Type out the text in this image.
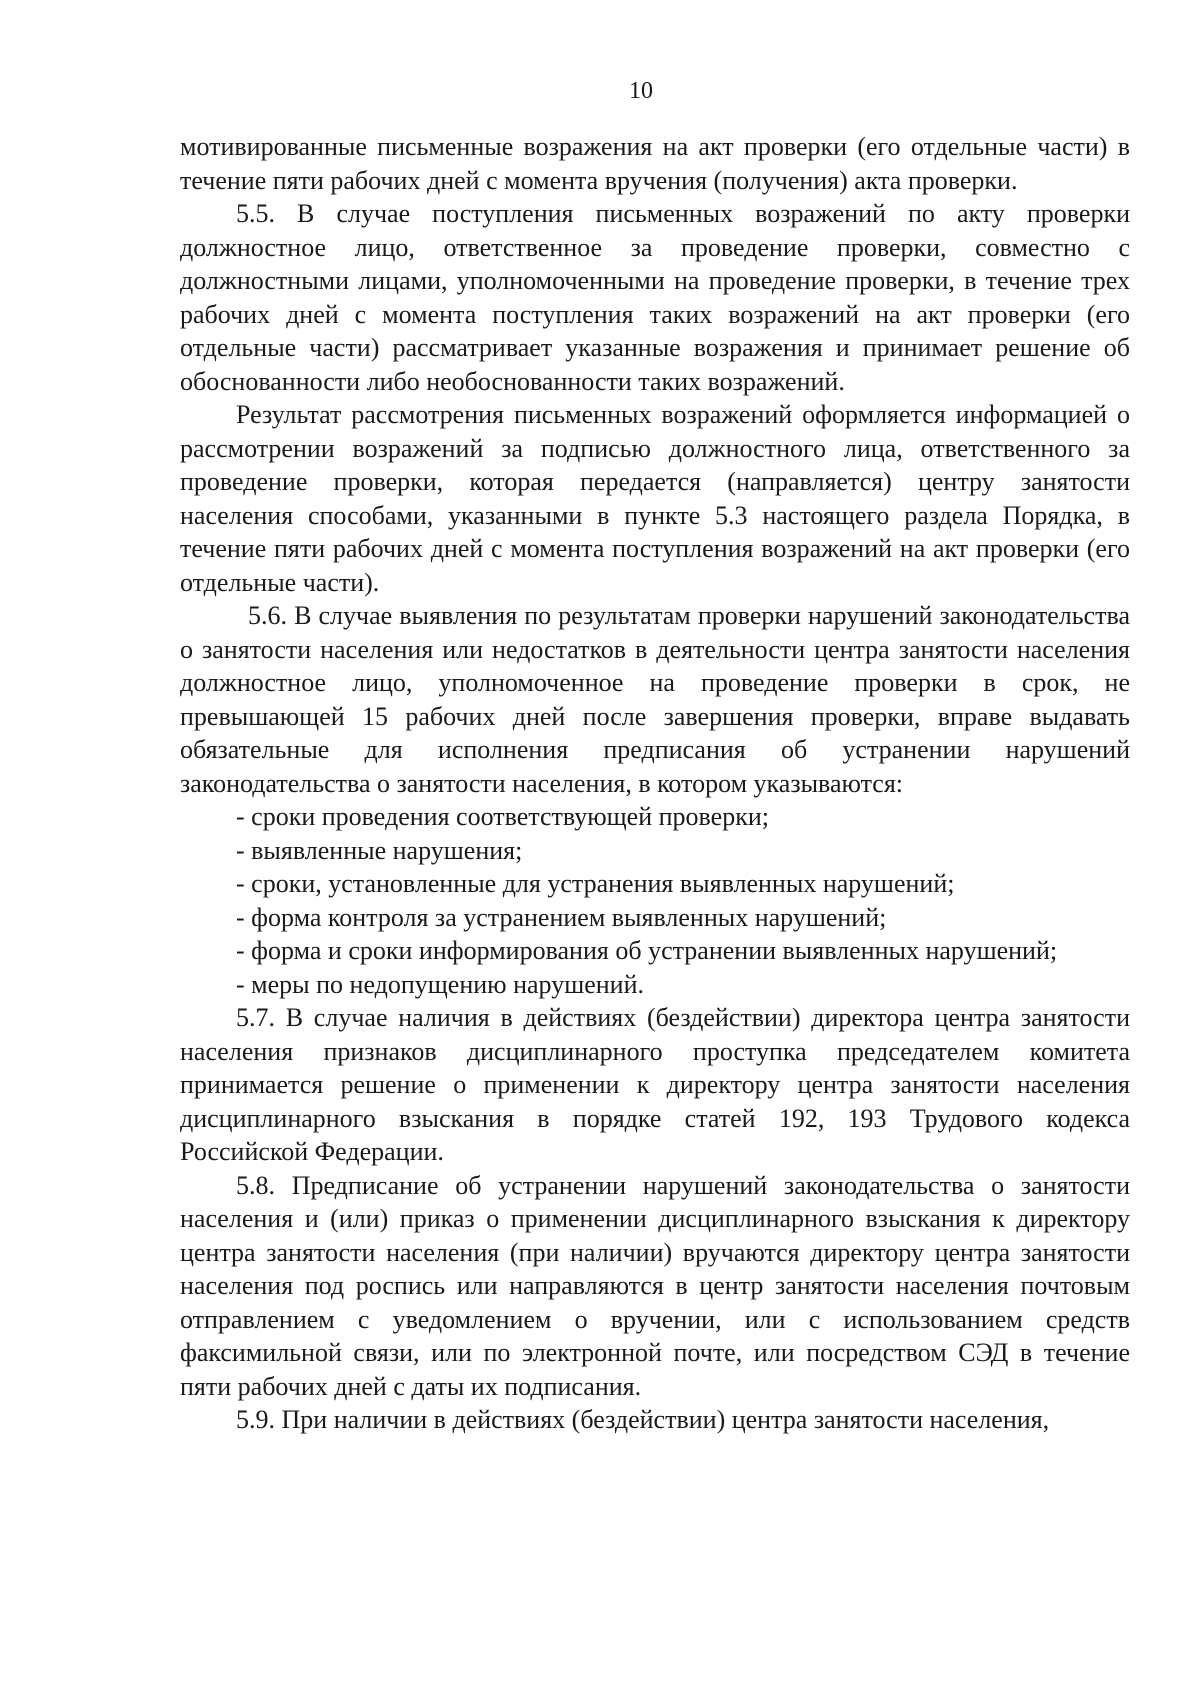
10

мотивированные письменные возражения на акт проверки (его отдельные части) в течение пяти рабочих дней с момента вручения (получения) акта проверки.

5.5. В случае поступления письменных возражений по акту проверки должностное лицо, ответственное за проведение проверки, совместно с должностными лицами, уполномоченными на проведение проверки, в течение трех рабочих дней с момента поступления таких возражений на акт проверки (его отдельные части) рассматривает указанные возражения и принимает решение об обоснованности либо необоснованности таких возражений.

Результат рассмотрения письменных возражений оформляется информацией о рассмотрении возражений за подписью должностного лица, ответственного за проведение проверки, которая передается (направляется) центру занятости населения способами, указанными в пункте 5.3 настоящего раздела Порядка, в течение пяти рабочих дней с момента поступления возражений на акт проверки (его отдельные части).

5.6. В случае выявления по результатам проверки нарушений законодательства о занятости населения или недостатков в деятельности центра занятости населения должностное лицо, уполномоченное на проведение проверки в срок, не превышающей 15 рабочих дней после завершения проверки, вправе выдавать обязательные для исполнения предписания об устранении нарушений законодательства о занятости населения, в котором указываются:

- сроки проведения соответствующей проверки;

- выявленные нарушения;

- сроки, установленные для устранения выявленных нарушений;

- форма контроля за устранением выявленных нарушений;

- форма и сроки информирования об устранении выявленных нарушений;

- меры по недопущению нарушений.

5.7. В случае наличия в действиях (бездействии) директора центра занятости населения признаков дисциплинарного проступка председателем комитета принимается решение о применении к директору центра занятости населения дисциплинарного взыскания в порядке статей 192, 193 Трудового кодекса Российской Федерации.

5.8. Предписание об устранении нарушений законодательства о занятости населения и (или) приказ о применении дисциплинарного взыскания к директору центра занятости населения (при наличии) вручаются директору центра занятости населения под роспись или направляются в центр занятости населения почтовым отправлением с уведомлением о вручении, или с использованием средств факсимильной связи, или по электронной почте, или посредством СЭД в течение пяти рабочих дней с даты их подписания.

5.9. При наличии в действиях (бездействии) центра занятости населения,
